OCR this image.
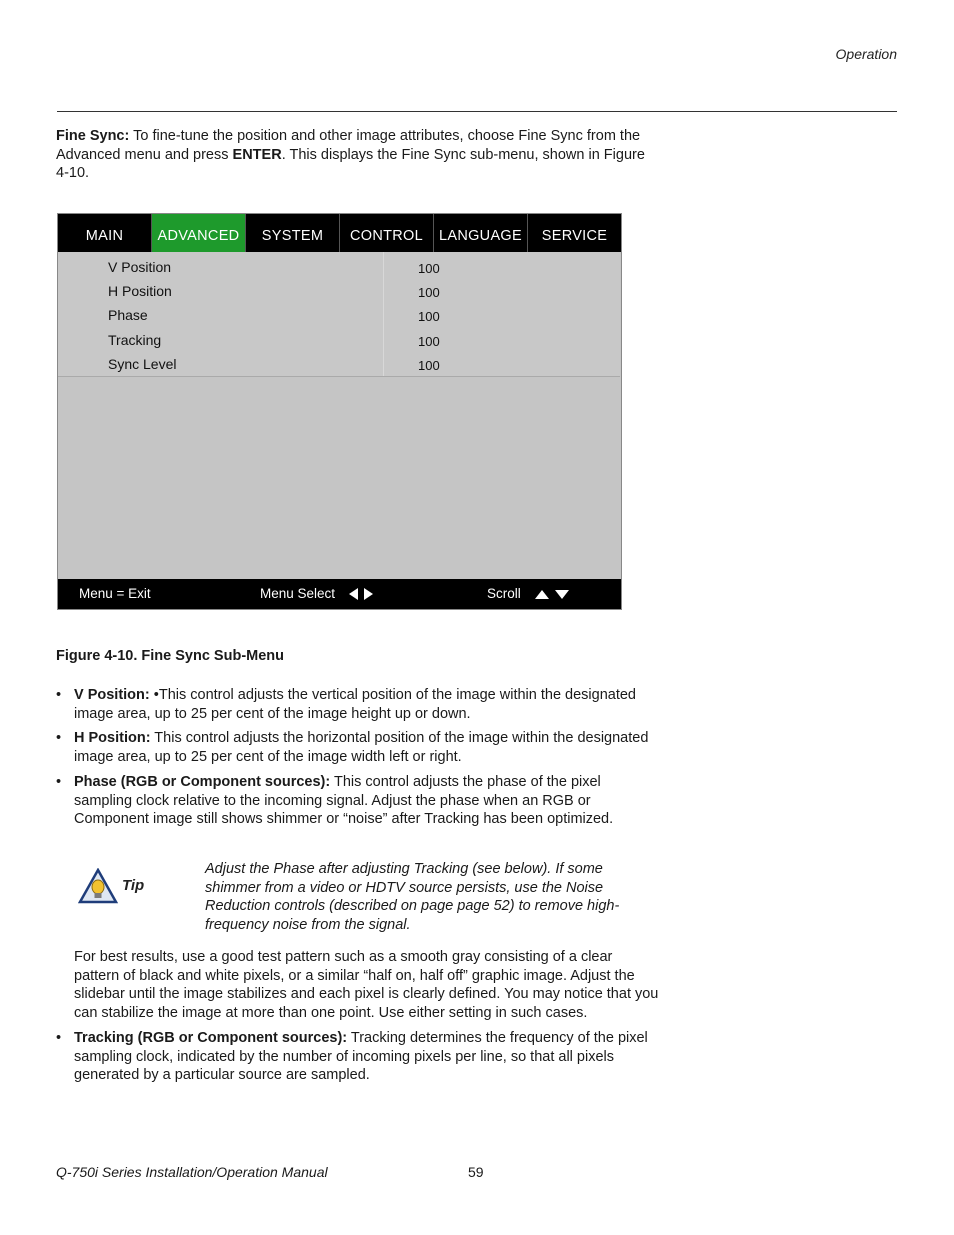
Operation

Fine Sync: To fine-tune the position and other image attributes, choose Fine Sync from the Advanced menu and press ENTER. This displays the Fine Sync sub-menu, shown in Figure 4-10.

MAIN	ADVANCED	SYSTEM	CONTROL	LANGUAGE	SERVICE
V Position	100
H Position	100
Phase	100
Tracking	100
Sync Level	100
Menu = Exit	Menu Select	Scroll
Figure 4-10. Fine Sync Sub-Menu
• V Position: •This control adjusts the vertical position of the image within the designated image area, up to 25 per cent of the image height up or down.
• H Position: This control adjusts the horizontal position of the image within the designated image area, up to 25 per cent of the image width left or right.
• Phase (RGB or Component sources): This control adjusts the phase of the pixel sampling clock relative to the incoming signal. Adjust the phase when an RGB or Component image still shows shimmer or “noise” after Tracking has been optimized.
Tip
Adjust the Phase after adjusting Tracking (see below). If some shimmer from a video or HDTV source persists, use the Noise Reduction controls (described on page page 52) to remove high-frequency noise from the signal.

For best results, use a good test pattern such as a smooth gray consisting of a clear pattern of black and white pixels, or a similar “half on, half off” graphic image. Adjust the slidebar until the image stabilizes and each pixel is clearly defined. You may notice that you can stabilize the image at more than one point. Use either setting in such cases.

• Tracking (RGB or Component sources): Tracking determines the frequency of the pixel sampling clock, indicated by the number of incoming pixels per line, so that all pixels generated by a particular source are sampled.
Q-750i Series Installation/Operation Manual	59
